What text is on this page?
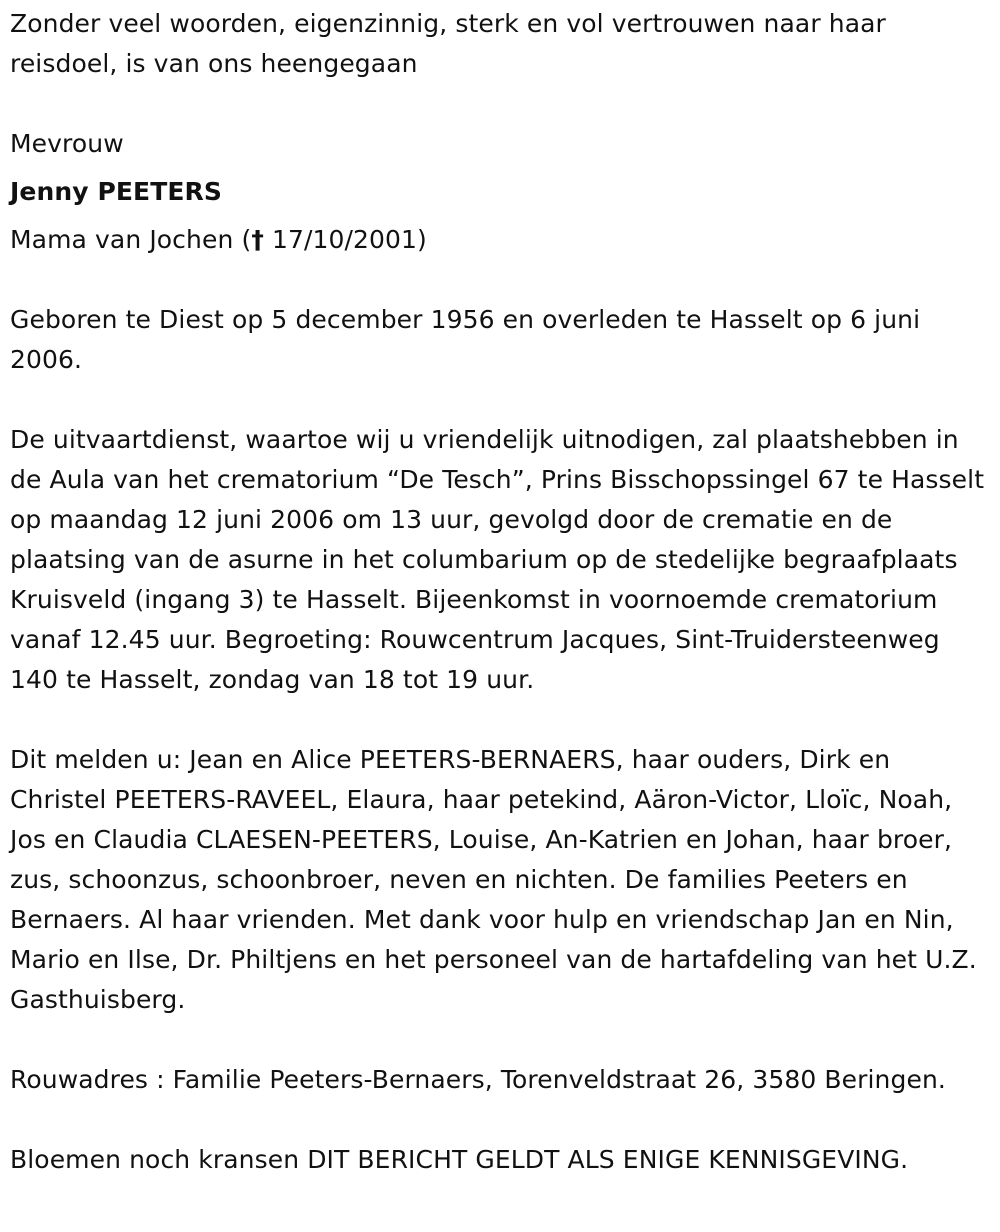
Zonder veel woorden, eigenzinnig, sterk en vol vertrouwen naar haar reisdoel, is van ons heengegaan

Mevrouw
Jenny PEETERS

Mama van Jochen († 17/10/2001)

Geboren te Diest op 5 december 1956 en overleden te Hasselt op 6 juni 2006.

De uitvaartdienst, waartoe wij u vriendelijk uitnodigen, zal plaatshebben in de Aula van het crematorium “De Tesch”, Prins Bisschopssingel 67 te Hasselt op maandag 12 juni 2006 om 13 uur, gevolgd door de crematie en de plaatsing van de asurne in het columbarium op de stedelijke begraafplaats Kruisveld (ingang 3) te Hasselt. Bijeenkomst in voornoemde crematorium vanaf 12.45 uur. Begroeting: Rouwcentrum Jacques, Sint-Truidersteenweg 140 te Hasselt, zondag van 18 tot 19 uur.

Dit melden u: Jean en Alice PEETERS-BERNAERS, haar ouders, Dirk en Christel PEETERS-RAVEEL, Elaura, haar petekind, Aäron-Victor, Lloïc, Noah, Jos en Claudia CLAESEN-PEETERS, Louise, An-Katrien en Johan, haar broer, zus, schoonzus, schoonbroer, neven en nichten. De families Peeters en Bernaers. Al haar vrienden. Met dank voor hulp en vriendschap Jan en Nin, Mario en Ilse, Dr. Philtjens en het personeel van de hartafdeling van het U.Z. Gasthuisberg.

Rouwadres : Familie Peeters-Bernaers, Torenveldstraat 26, 3580 Beringen.

Bloemen noch kransen DIT BERICHT GELDT ALS ENIGE KENNISGEVING.
